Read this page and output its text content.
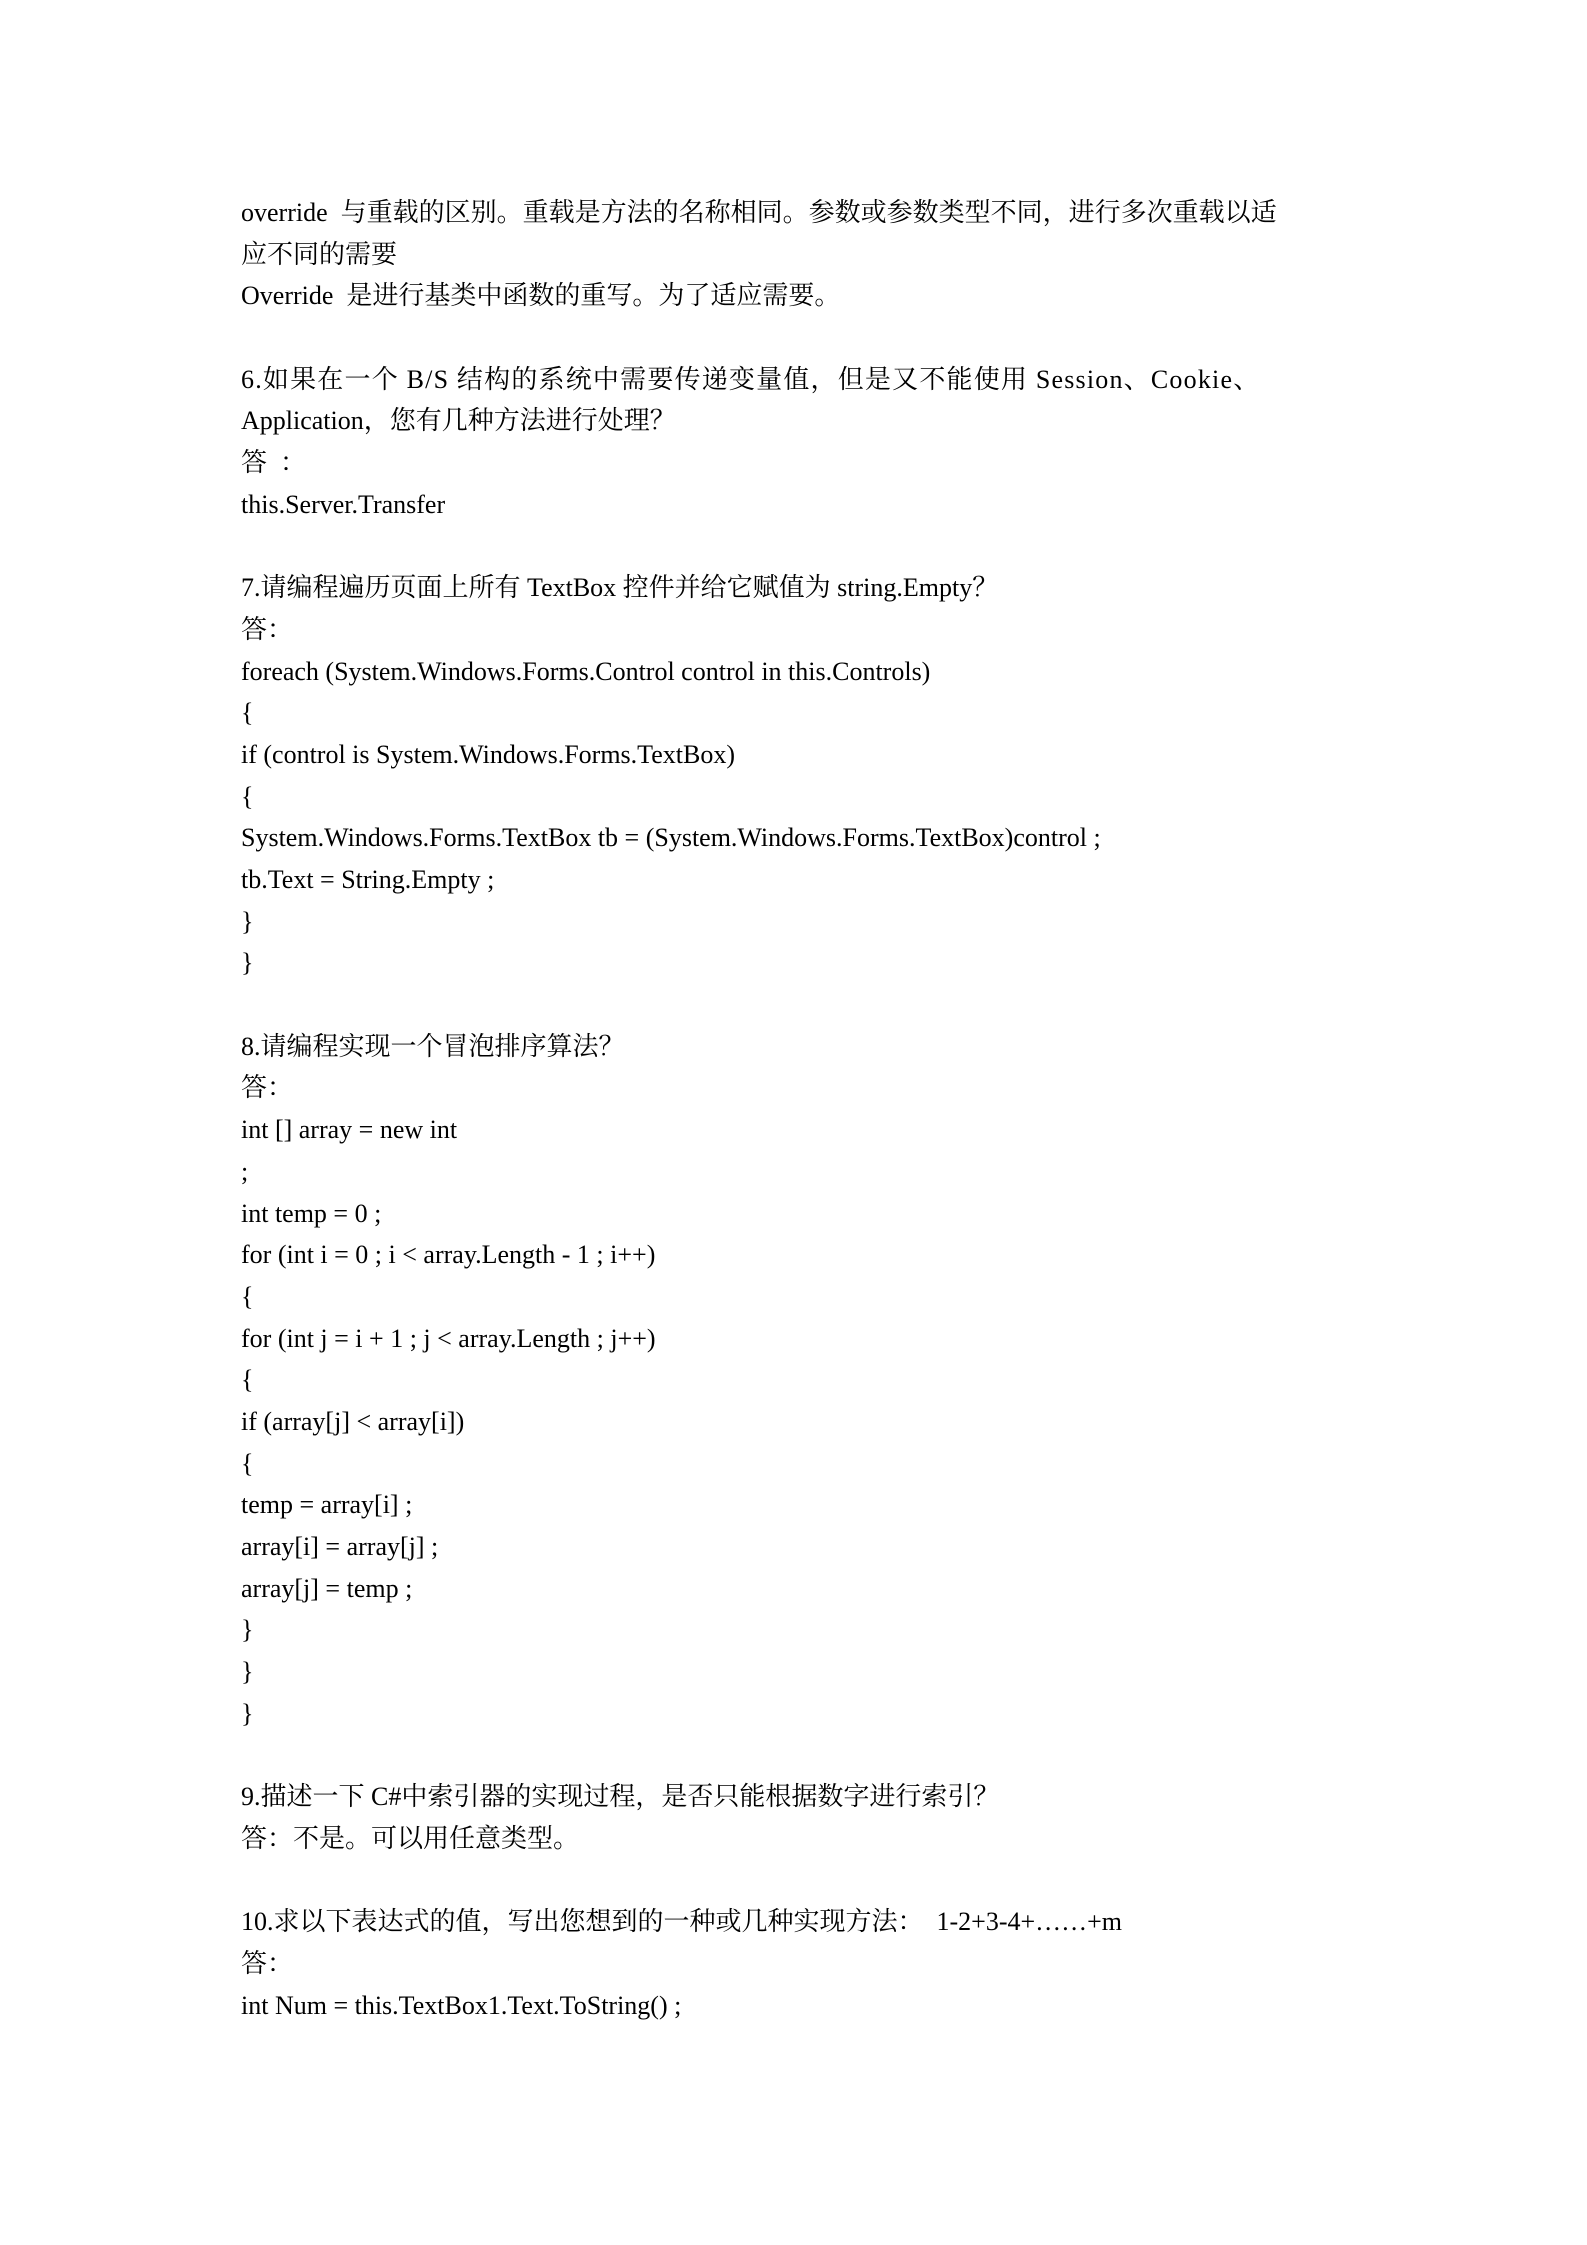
override  与重载的区别。重载是方法的名称相同。参数或参数类型不同，进行多次重载以适
应不同的需要
Override  是进行基类中函数的重写。为了适应需要。
6.如果在一个 B/S 结构的系统中需要传递变量值，但是又不能使用 Session、Cookie、
Application，您有几种方法进行处理？
答  ：
this.Server.Transfer
7.请编程遍历页面上所有 TextBox 控件并给它赋值为 string.Empty？
答：
foreach (System.Windows.Forms.Control control in this.Controls)
{
if (control is System.Windows.Forms.TextBox)
{
System.Windows.Forms.TextBox tb = (System.Windows.Forms.TextBox)control ;
tb.Text = String.Empty ;
}
}
8.请编程实现一个冒泡排序算法？
答：
int [] array = new int
;
int temp = 0 ;
for (int i = 0 ; i < array.Length - 1 ; i++)
{
for (int j = i + 1 ; j < array.Length ; j++)
{
if (array[j] < array[i])
{
temp = array[i] ;
array[i] = array[j] ;
array[j] = temp ;
}
}
}
9.描述一下 C#中索引器的实现过程，是否只能根据数字进行索引？
答：不是。可以用任意类型。
10.求以下表达式的值，写出您想到的一种或几种实现方法：  1-2+3-4+……+m
答：
int Num = this.TextBox1.Text.ToString() ;
